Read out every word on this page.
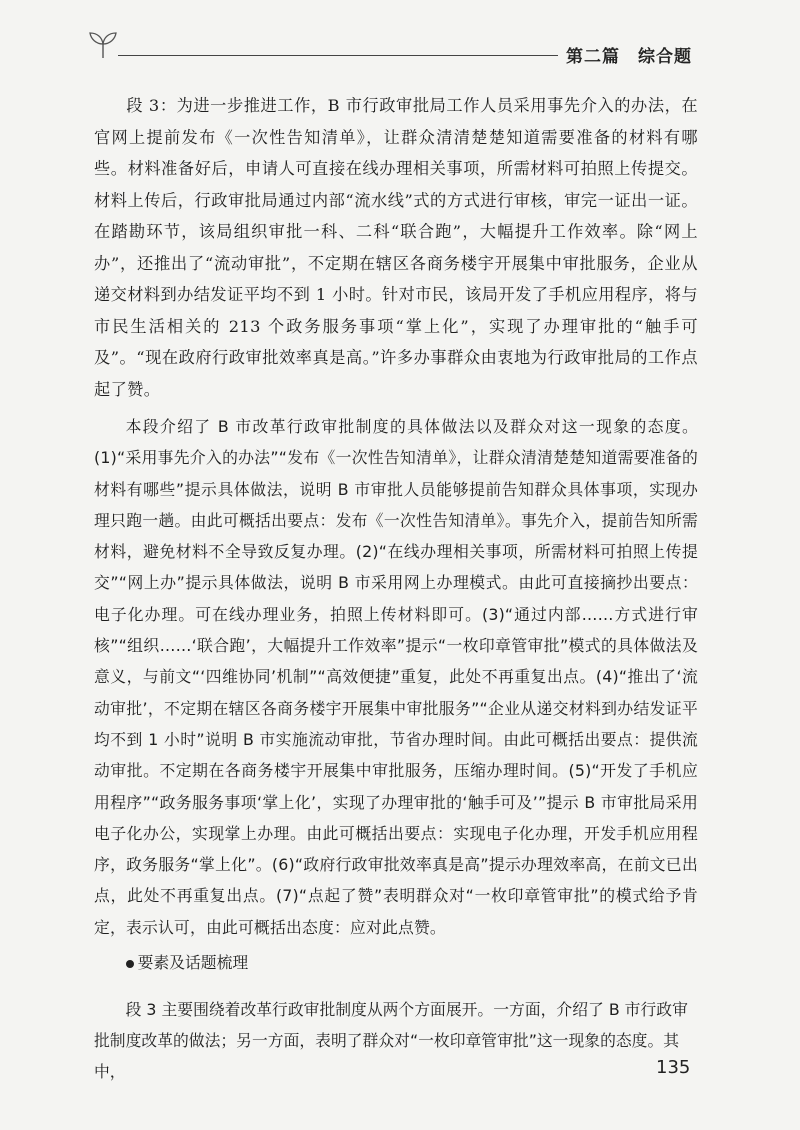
第二篇　综合题

段 3：为进一步推进工作，B 市行政审批局工作人员采用事先介入的办法，在官网上提前发布《一次性告知清单》，让群众清清楚楚知道需要准备的材料有哪些。材料准备好后，申请人可直接在线办理相关事项，所需材料可拍照上传提交。材料上传后，行政审批局通过内部“流水线”式的方式进行审核，审完一证出一证。在踏勘环节，该局组织审批一科、二科“联合跑”，大幅提升工作效率。除“网上办”，还推出了“流动审批”，不定期在辖区各商务楼宇开展集中审批服务，企业从递交材料到办结发证平均不到 1 小时。针对市民，该局开发了手机应用程序，将与市民生活相关的 213 个政务服务事项“掌上化”，实现了办理审批的“触手可及”。“现在政府行政审批效率真是高。”许多办事群众由衷地为行政审批局的工作点起了赞。

本段介绍了 B 市改革行政审批制度的具体做法以及群众对这一现象的态度。(1)“采用事先介入的办法”“发布《一次性告知清单》，让群众清清楚楚知道需要准备的材料有哪些”提示具体做法，说明 B 市审批人员能够提前告知群众具体事项，实现办理只跑一趟。由此可概括出要点：发布《一次性告知清单》。事先介入，提前告知所需材料，避免材料不全导致反复办理。(2)“在线办理相关事项，所需材料可拍照上传提交”“网上办”提示具体做法，说明 B 市采用网上办理模式。由此可直接摘抄出要点：电子化办理。可在线办理业务，拍照上传材料即可。(3)“通过内部……方式进行审核”“组织……‘联合跑’，大幅提升工作效率”提示“一枚印章管审批”模式的具体做法及意义，与前文“‘四维协同’机制”“高效便捷”重复，此处不再重复出点。(4)“推出了‘流动审批’，不定期在辖区各商务楼宇开展集中审批服务”“企业从递交材料到办结发证平均不到 1 小时”说明 B 市实施流动审批，节省办理时间。由此可概括出要点：提供流动审批。不定期在各商务楼宇开展集中审批服务，压缩办理时间。(5)“开发了手机应用程序”“政务服务事项‘掌上化’，实现了办理审批的‘触手可及’”提示 B 市审批局采用电子化办公，实现掌上办理。由此可概括出要点：实现电子化办理，开发手机应用程序，政务服务“掌上化”。(6)“政府行政审批效率真是高”提示办理效率高，在前文已出点，此处不再重复出点。(7)“点起了赞”表明群众对“一枚印章管审批”的模式给予肯定，表示认可，由此可概括出态度：应对此点赞。

要素及话题梳理

段 3 主要围绕着改革行政审批制度从两个方面展开。一方面，介绍了 B 市行政审批制度改革的做法；另一方面，表明了群众对“一枚印章管审批”这一现象的态度。其中，	135
